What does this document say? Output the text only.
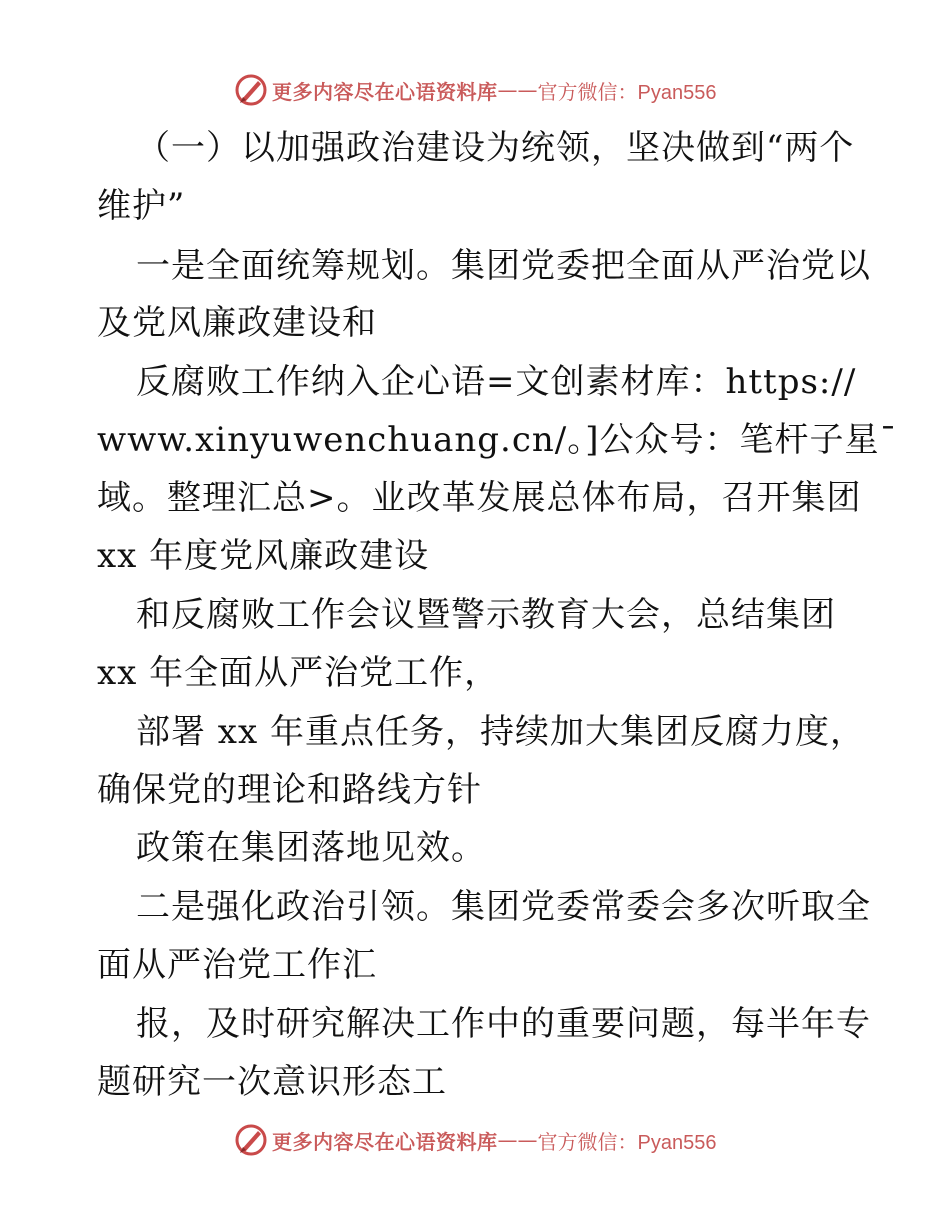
更多内容尽在心语资料库 —— 官方微信：Pyan556
（一）以加强政治建设为统领，坚决做到“两个
维护”
一是全面统筹规划。集团党委把全面从严治党以
及党风廉政建设和
反腐败工作纳入企心语=文创素材库：https://
www.xinyuwenchuang.cn/。]公众号：笔杆子星¯
域。整理汇总>。业改革发展总体布局，召开集团
xx 年度党风廉政建设
和反腐败工作会议暨警示教育大会，总结集团
xx 年全面从严治党工作，
部署 xx 年重点任务，持续加大集团反腐力度，
确保党的理论和路线方针
政策在集团落地见效。
二是强化政治引领。集团党委常委会多次听取全
面从严治党工作汇
报，及时研究解决工作中的重要问题，每半年专
题研究一次意识形态工
更多内容尽在心语资料库 —— 官方微信：Pyan556
